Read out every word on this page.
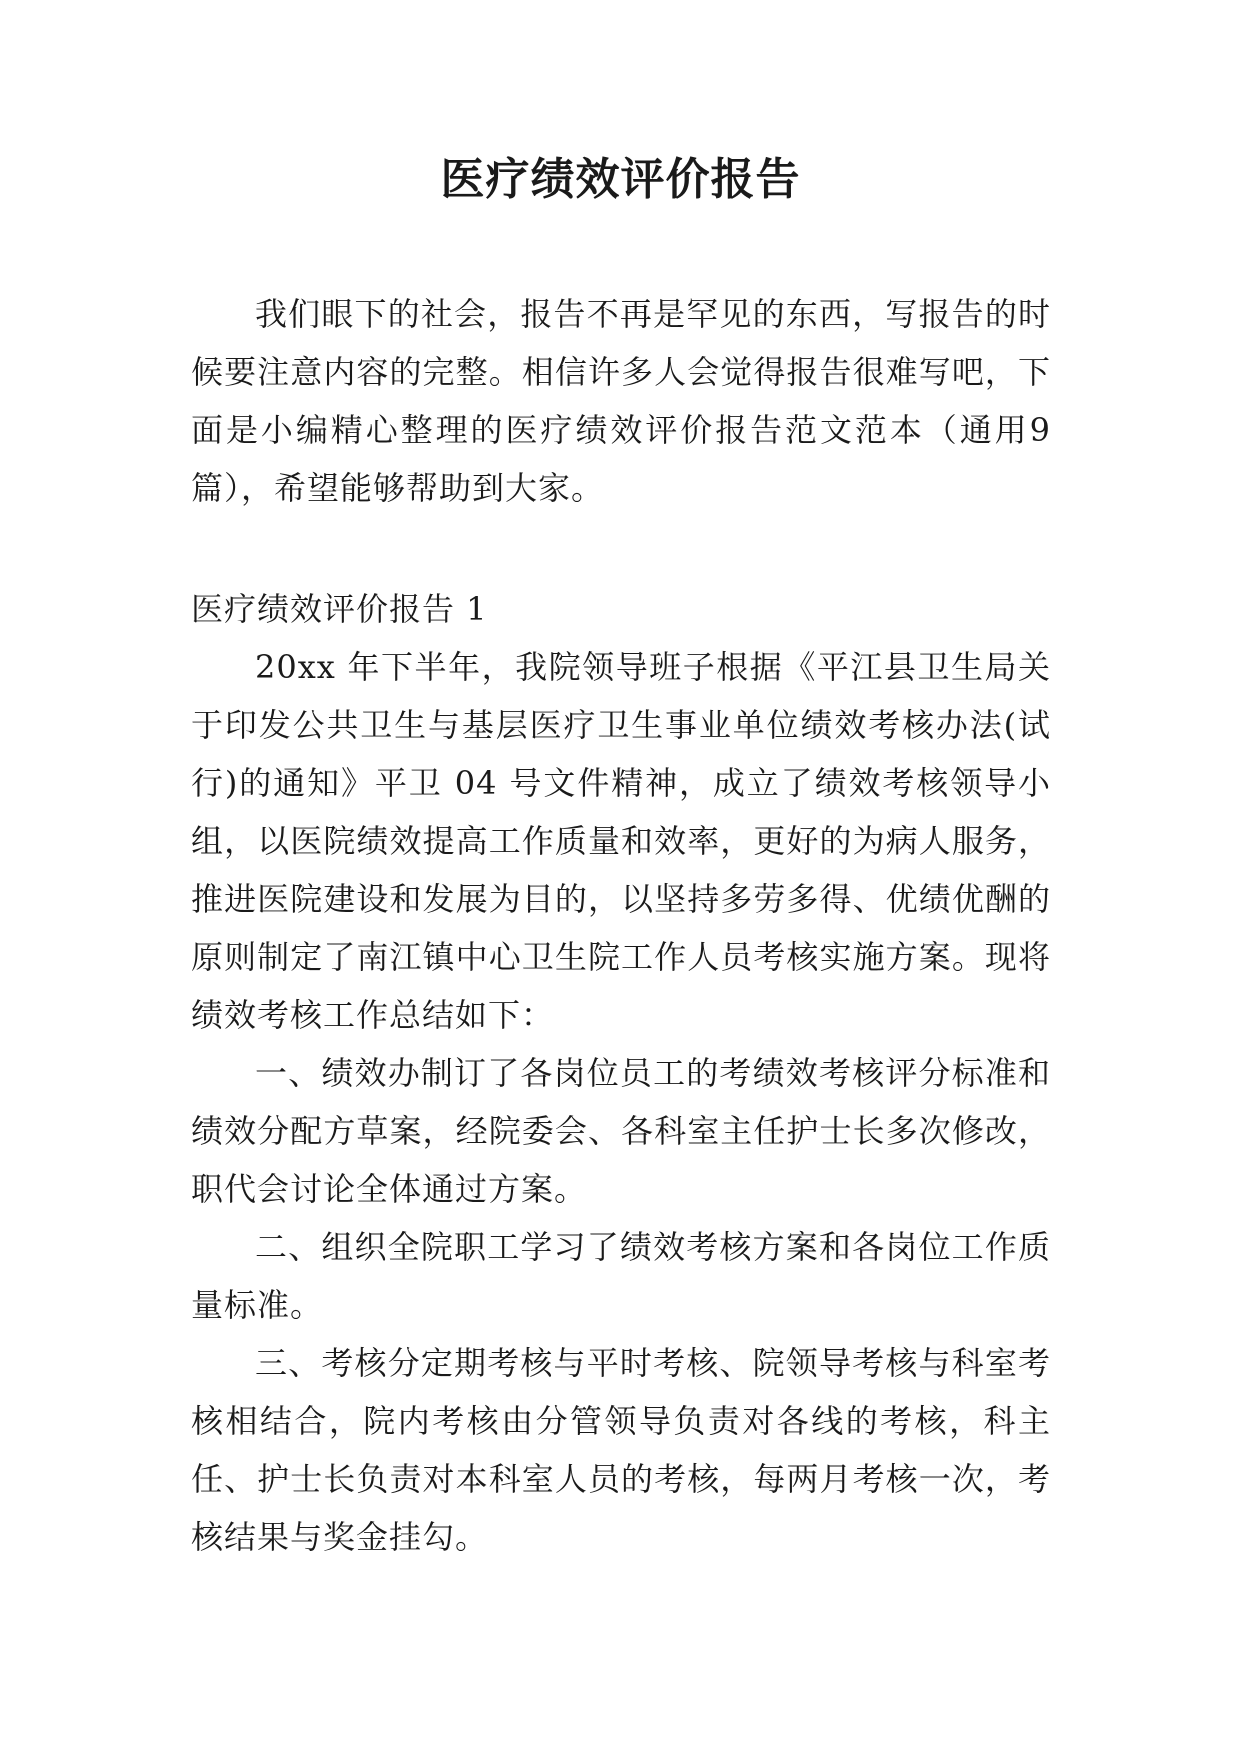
医疗绩效评价报告

我们眼下的社会，报告不再是罕见的东西，写报告的时候要注意内容的完整。相信许多人会觉得报告很难写吧，下面是小编精心整理的医疗绩效评价报告范文范本（通用9篇），希望能够帮助到大家。

医疗绩效评价报告 1

20xx 年下半年，我院领导班子根据《平江县卫生局关于印发公共卫生与基层医疗卫生事业单位绩效考核办法(试行)的通知》平卫 04 号文件精神，成立了绩效考核领导小组，以医院绩效提高工作质量和效率，更好的为病人服务，推进医院建设和发展为目的，以坚持多劳多得、优绩优酬的原则制定了南江镇中心卫生院工作人员考核实施方案。现将绩效考核工作总结如下：

一、绩效办制订了各岗位员工的考绩效考核评分标准和绩效分配方草案，经院委会、各科室主任护士长多次修改，职代会讨论全体通过方案。

二、组织全院职工学习了绩效考核方案和各岗位工作质量标准。

三、考核分定期考核与平时考核、院领导考核与科室考核相结合，院内考核由分管领导负责对各线的考核，科主任、护士长负责对本科室人员的考核，每两月考核一次，考核结果与奖金挂勾。
